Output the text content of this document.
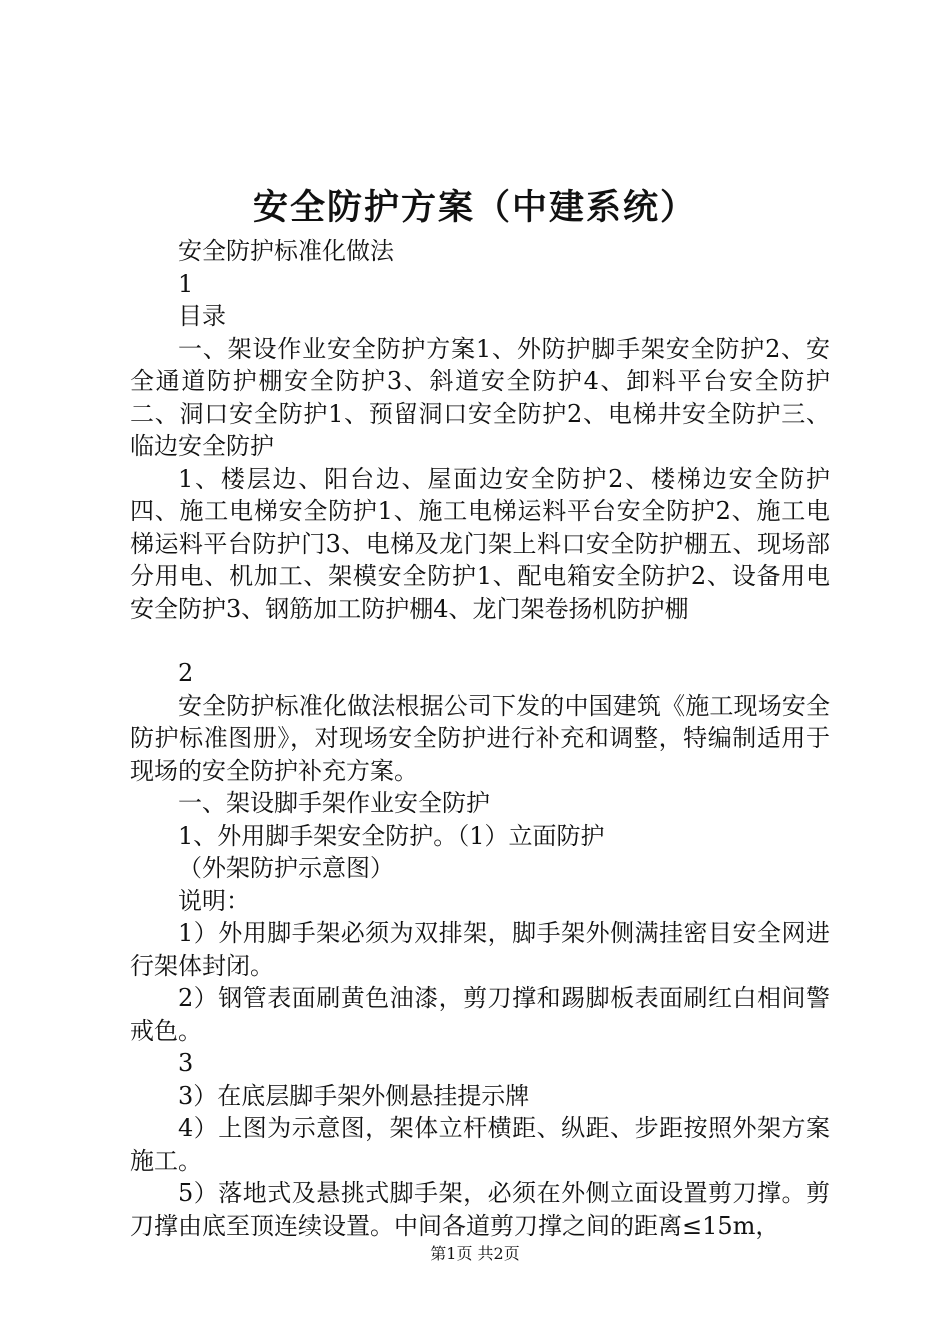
安全防护方案（中建系统）

安全防护标准化做法

1

目录

一、架设作业安全防护方案1、外防护脚手架安全防护2、安全通道防护棚安全防护3、斜道安全防护4、卸料平台安全防护二、洞口安全防护1、预留洞口安全防护2、电梯井安全防护三、临边安全防护

1、楼层边、阳台边、屋面边安全防护2、楼梯边安全防护四、施工电梯安全防护1、施工电梯运料平台安全防护2、施工电梯运料平台防护门3、电梯及龙门架上料口安全防护棚五、现场部分用电、机加工、架模安全防护1、配电箱安全防护2、设备用电安全防护3、钢筋加工防护棚4、龙门架卷扬机防护棚

2

安全防护标准化做法根据公司下发的中国建筑《施工现场安全防护标准图册》，对现场安全防护进行补充和调整，特编制适用于现场的安全防护补充方案。

一、架设脚手架作业安全防护

1、外用脚手架安全防护。（1）立面防护

（外架防护示意图）

说明：

1）外用脚手架必须为双排架，脚手架外侧满挂密目安全网进行架体封闭。

2）钢管表面刷黄色油漆，剪刀撑和踢脚板表面刷红白相间警戒色。

3

3）在底层脚手架外侧悬挂提示牌

4）上图为示意图，架体立杆横距、纵距、步距按照外架方案施工。

5）落地式及悬挑式脚手架，必须在外侧立面设置剪刀撑。剪刀撑由底至顶连续设置。中间各道剪刀撑之间的距离≤15m，

第1页 共2页
